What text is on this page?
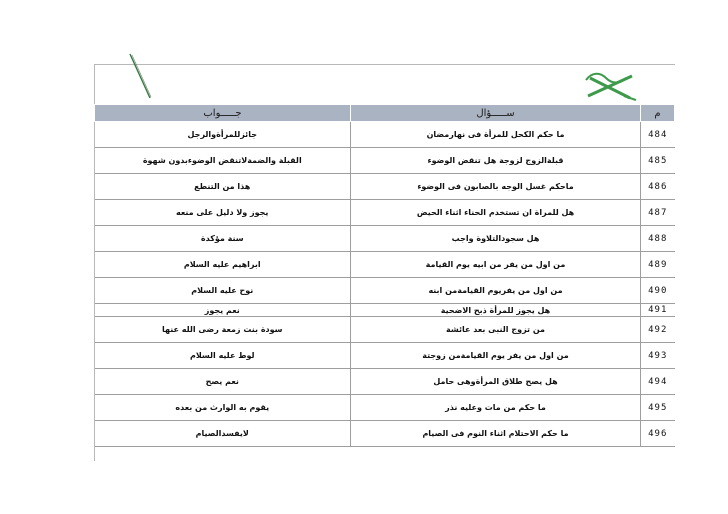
م	ســـــؤال	جـــــواب
484	ما حكم الكحل للمرأة فى نهارمضان	جائزللمرأةوالرجل
485	قبلةالزوج لزوجة هل تنقض الوضوء	القبلة والضمةلاتنقض الوضوءبدون شهوة
486	ماحكم غسل الوجه بالصابون فى الوضوء	هذا من التنطع
487	هل للمراة ان تستخدم الحناء اثناء الحيض	يجوز ولا دليل على منعه
488	هل سجودالتلاوة واجب	سنة مؤكدة
489	من اول من يفر من ابيه يوم القيامة	ابراهيم عليه السلام
490	من اول من يفريوم القيامةمن ابنه	نوح عليه السلام
491	هل يجوز للمرأة ذبح الاضحية	نعم يجوز
492	من تزوج النبى بعد عائشة	سودة بنت زمعة رضى الله عنها
493	من اول من يفر يوم القيامةمن زوجتة	لوط عليه السلام
494	هل يصح طلاق المرأةوهى حامل	نعم يصح
495	ما حكم من مات وعليه نذر	يقوم به الوارث من بعده
496	ما حكم الاحتلام اثناء النوم فى الصيام	لايفسدالصيام
